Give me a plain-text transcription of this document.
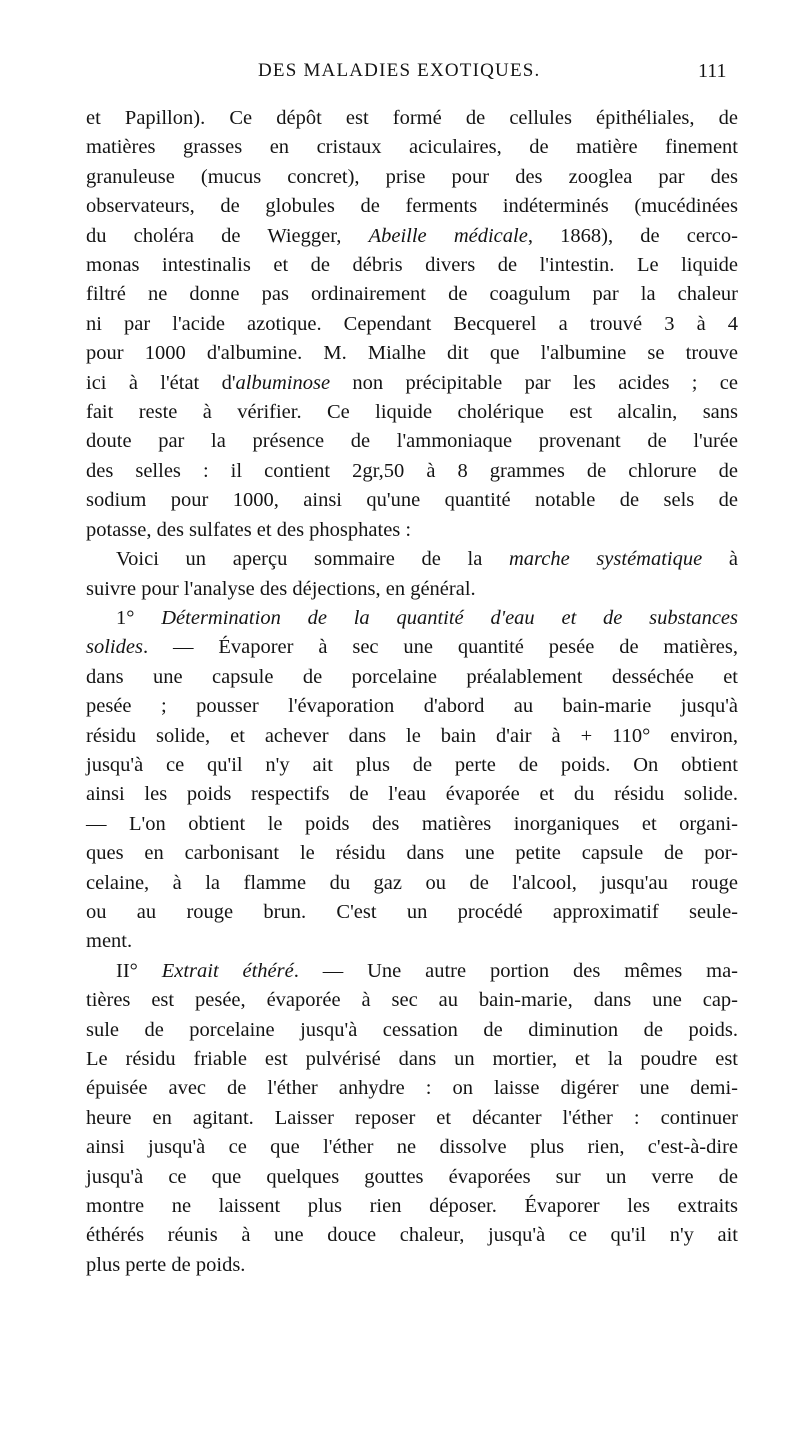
DES MALADIES EXOTIQUES.	111
et Papillon). Ce dépôt est formé de cellules épithéliales, de
matières grasses en cristaux aciculaires, de matière finement
granuleuse (mucus concret), prise pour des zooglea par des
observateurs, de globules de ferments indéterminés (mucédinées
du choléra de Wiegger, Abeille médicale, 1868), de cerco-
monas intestinalis et de débris divers de l'intestin. Le liquide
filtré ne donne pas ordinairement de coagulum par la chaleur
ni par l'acide azotique. Cependant Becquerel a trouvé 3 à 4
pour 1000 d'albumine. M. Mialhe dit que l'albumine se trouve
ici à l'état d'albuminose non précipitable par les acides ; ce
fait reste à vérifier. Ce liquide cholérique est alcalin, sans
doute par la présence de l'ammoniaque provenant de l'urée
des selles : il contient 2gr,50 à 8 grammes de chlorure de
sodium pour 1000, ainsi qu'une quantité notable de sels de
potasse, des sulfates et des phosphates :
Voici un aperçu sommaire de la marche systématique à
suivre pour l'analyse des déjections, en général.
1° Détermination de la quantité d'eau et de substances
solides. — Évaporer à sec une quantité pesée de matières,
dans une capsule de porcelaine préalablement desséchée et
pesée ; pousser l'évaporation d'abord au bain-marie jusqu'à
résidu solide, et achever dans le bain d'air à + 110° environ,
jusqu'à ce qu'il n'y ait plus de perte de poids. On obtient
ainsi les poids respectifs de l'eau évaporée et du résidu solide.
— L'on obtient le poids des matières inorganiques et organi-
ques en carbonisant le résidu dans une petite capsule de por-
celaine, à la flamme du gaz ou de l'alcool, jusqu'au rouge
ou au rouge brun. C'est un procédé approximatif seule-
ment.
II° Extrait éthéré. — Une autre portion des mêmes ma-
tières est pesée, évaporée à sec au bain-marie, dans une cap-
sule de porcelaine jusqu'à cessation de diminution de poids.
Le résidu friable est pulvérisé dans un mortier, et la poudre est
épuisée avec de l'éther anhydre : on laisse digérer une demi-
heure en agitant. Laisser reposer et décanter l'éther : continuer
ainsi jusqu'à ce que l'éther ne dissolve plus rien, c'est-à-dire
jusqu'à ce que quelques gouttes évaporées sur un verre de
montre ne laissent plus rien déposer. Évaporer les extraits
éthérés réunis à une douce chaleur, jusqu'à ce qu'il n'y ait
plus perte de poids.
